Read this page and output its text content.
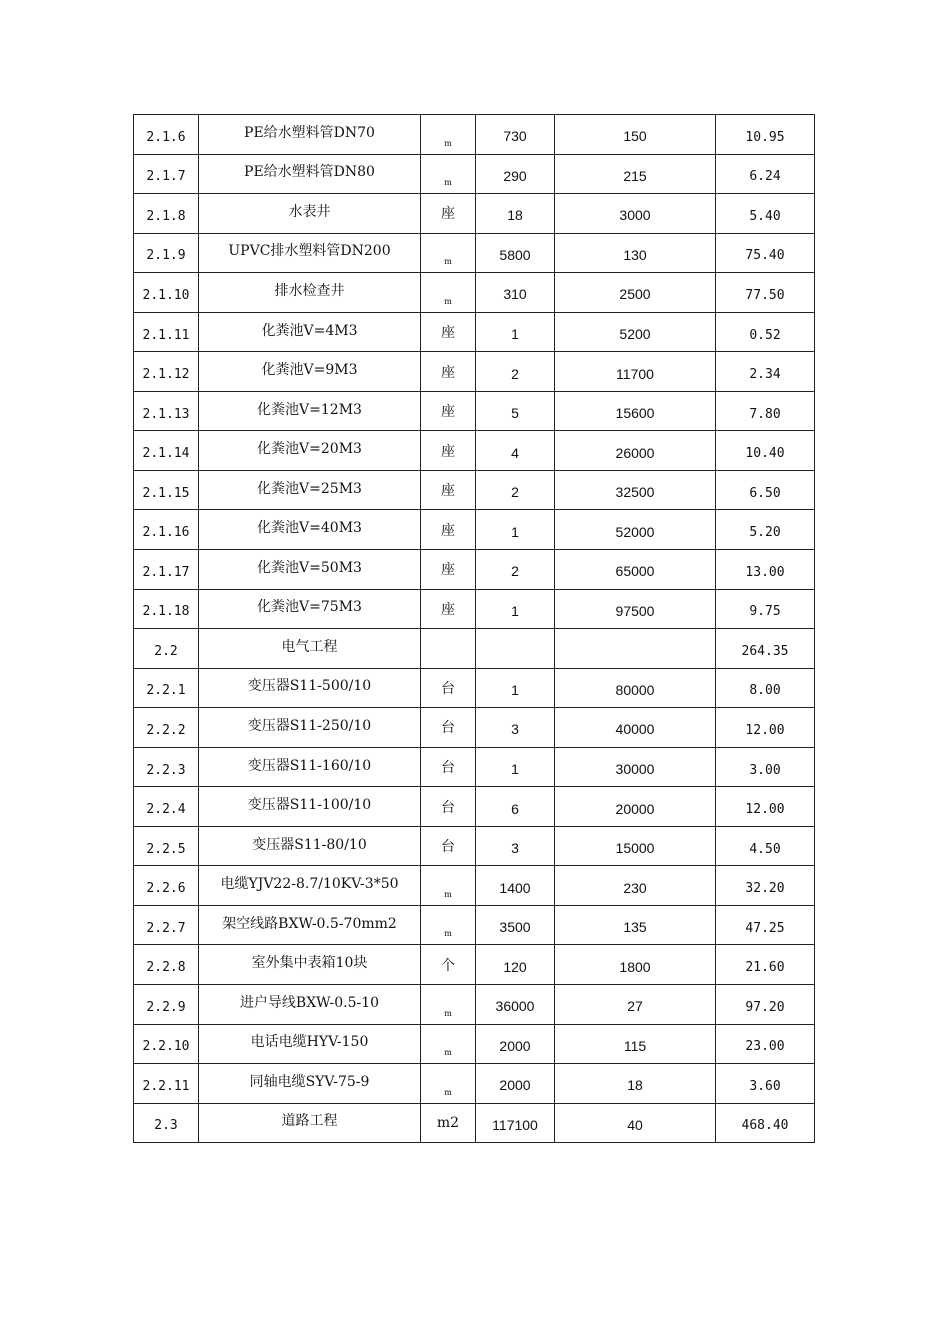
2.1.6	PE给水塑料管DN70	m	730	150	10.95
2.1.7	PE给水塑料管DN80	m	290	215	6.24
2.1.8	水表井	座	18	3000	5.40
2.1.9	UPVC排水塑料管DN200	m	5800	130	75.40
2.1.10	排水检查井	m	310	2500	77.50
2.1.11	化粪池V=4M3	座	1	5200	0.52
2.1.12	化粪池V=9M3	座	2	11700	2.34
2.1.13	化粪池V=12M3	座	5	15600	7.80
2.1.14	化粪池V=20M3	座	4	26000	10.40
2.1.15	化粪池V=25M3	座	2	32500	6.50
2.1.16	化粪池V=40M3	座	1	52000	5.20
2.1.17	化粪池V=50M3	座	2	65000	13.00
2.1.18	化粪池V=75M3	座	1	97500	9.75
2.2	电气工程				264.35
2.2.1	变压器S11-500/10	台	1	80000	8.00
2.2.2	变压器S11-250/10	台	3	40000	12.00
2.2.3	变压器S11-160/10	台	1	30000	3.00
2.2.4	变压器S11-100/10	台	6	20000	12.00
2.2.5	变压器S11-80/10	台	3	15000	4.50
2.2.6	电缆YJV22-8.7/10KV-3*50	m	1400	230	32.20
2.2.7	架空线路BXW-0.5-70mm2	m	3500	135	47.25
2.2.8	室外集中表箱10块	个	120	1800	21.60
2.2.9	进户导线BXW-0.5-10	m	36000	27	97.20
2.2.10	电话电缆HYV-150	m	2000	115	23.00
2.2.11	同轴电缆SYV-75-9	m	2000	18	3.60
2.3	道路工程	m2	117100	40	468.40
